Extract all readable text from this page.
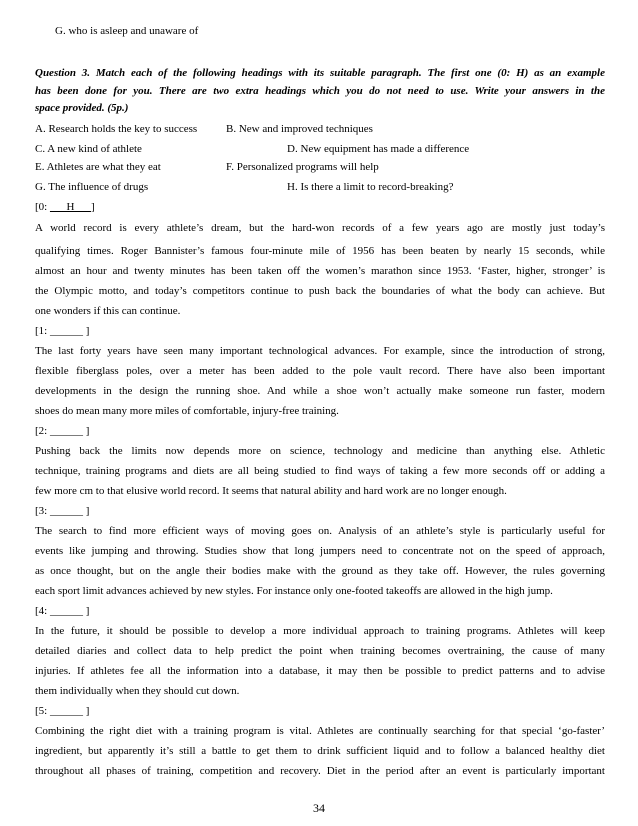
G. who is asleep and unaware of
Question 3. Match each of the following headings with its suitable paragraph. The first one (0: H) as an example
has been done for you. There are two extra headings which you do not need to use. Write your answers in the
space provided. (5p.)
A. Research holds the key to success	B. New and improved techniques
C. A new kind of athlete	D. New equipment has made a difference
E. Athletes are what they eat	F. Personalized programs will help
G. The influence of drugs	H. Is there a limit to record-breaking?
[0: ___H___]
A world record is every athlete’s dream, but the hard-won records of a few years ago are mostly just today’s
qualifying times. Roger Bannister’s famous four-minute mile of 1956 has been beaten by nearly 15 seconds, while
almost an hour and twenty minutes has been taken off the women’s marathon since 1953. ‘Faster, higher, stronger’ is
the Olympic motto, and today’s competitors continue to push back the boundaries of what the body can achieve. But
one wonders if this can continue.
[1: ______ ]
The last forty years have seen many important technological advances. For example, since the introduction of strong,
flexible fiberglass poles, over a meter has been added to the pole vault record. There have also been important
developments in the design the running shoe. And while a shoe won’t actually make someone run faster, modern
shoes do mean many more miles of comfortable, injury-free training.
[2: ______ ]
Pushing back the limits now depends more on science, technology and medicine than anything else. Athletic
technique, training programs and diets are all being studied to find ways of taking a few more seconds off or adding a
few more cm to that elusive world record. It seems that natural ability and hard work are no longer enough.
[3: ______ ]
The search to find more efficient ways of moving goes on. Analysis of an athlete’s style is particularly useful for
events like jumping and throwing. Studies show that long jumpers need to concentrate not on the speed of approach,
as once thought, but on the angle their bodies make with the ground as they take off. However, the rules governing
each sport limit advances achieved by new styles. For instance only one-footed takeoffs are allowed in the high jump.
[4: ______ ]
In the future, it should be possible to develop a more individual approach to training programs. Athletes will keep
detailed diaries and collect data to help predict the point when training becomes overtraining, the cause of many
injuries. If athletes fee all the information into a database, it may then be possible to predict patterns and to advise
them individually when they should cut down.
[5: ______ ]
Combining the right diet with a training program is vital. Athletes are continually searching for that special ‘go-faster’
ingredient, but apparently it’s still a battle to get them to drink sufficient liquid and to follow a balanced healthy diet
throughout all phases of training, competition and recovery. Diet in the period after an event is particularly important
34
